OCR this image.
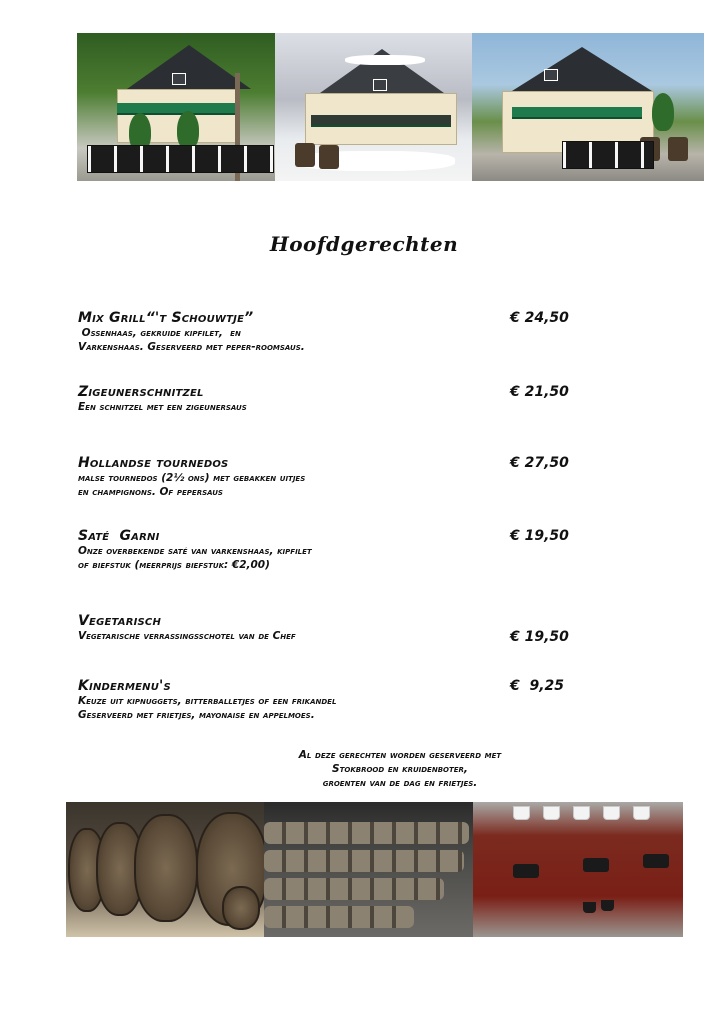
Hoofdgerechten
Mix Grill“'t Schouwtje”
Ossenhaas, gekruide kipfilet,  en
Varkenshaas. Geserveerd met peper-roomsaus.
€ 24,50
Zigeunerschnitzel
Een schnitzel met een zigeunersaus
€ 21,50
Hollandse tournedos
malse tournedos (2½ ons) met gebakken uitjes
en champignons. Of pepersaus
€ 27,50
Saté  Garni
Onze overbekende saté van varkenshaas, kipfilet
of biefstuk (meerprijs biefstuk: €2,00)
€ 19,50
Vegetarisch
Vegetarische verrassingsschotel van de Chef	€ 19,50
Kindermenu's
Keuze uit kipnuggets, bitterballetjes of een frikandel
Geserveerd met frietjes, mayonaise en appelmoes.
€  9,25
Al deze gerechten worden geserveerd met
Stokbrood en kruidenboter,
groenten van de dag en frietjes.
